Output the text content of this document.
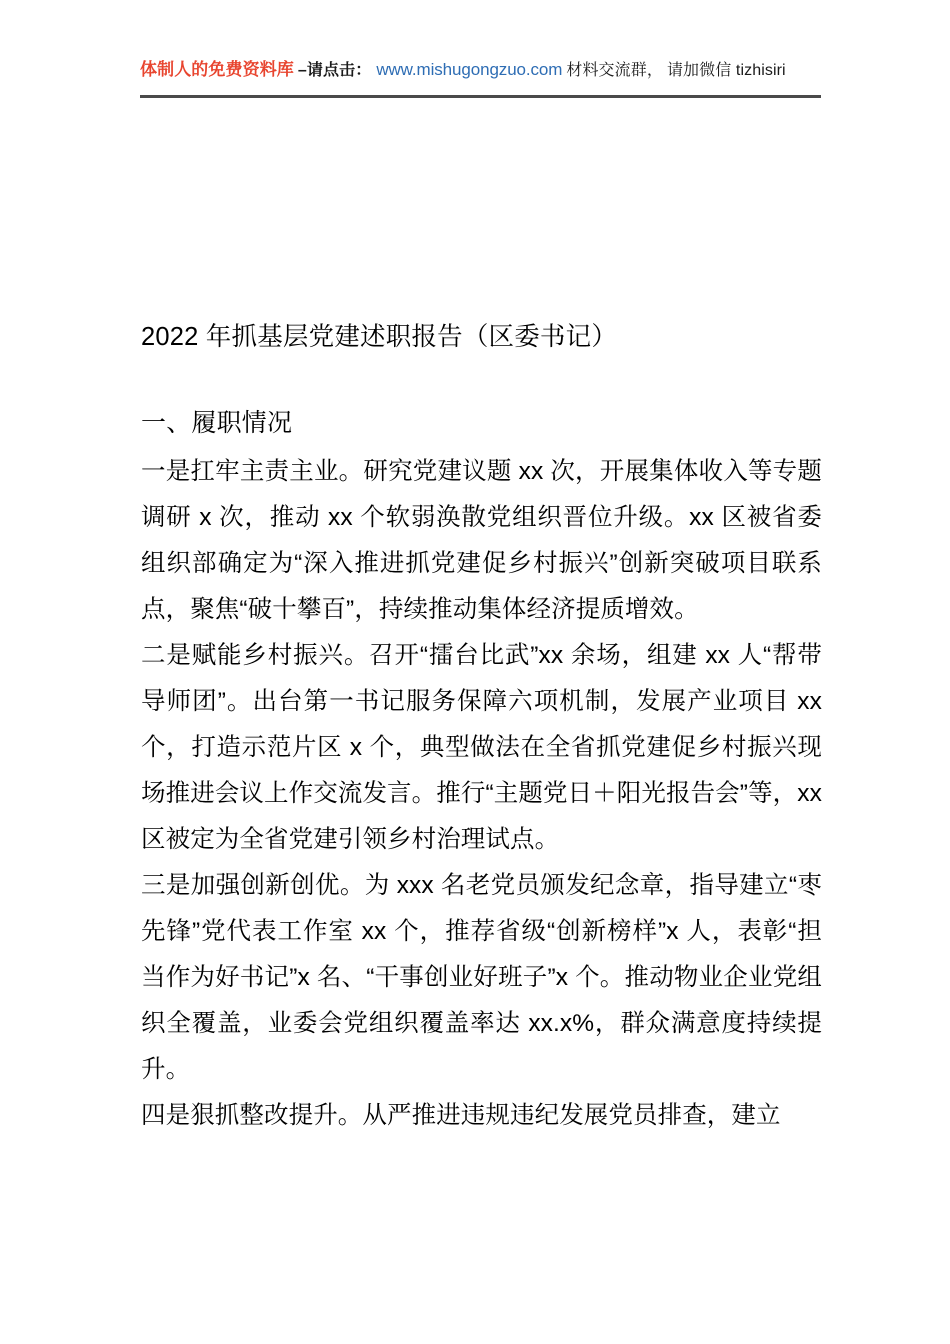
体制人的免费资料库 –请点击： www.mishugongzuo.com 材料交流群， 请加微信 tizhisiri
2022 年抓基层党建述职报告（区委书记）
一、履职情况

一是扛牢主责主业。研究党建议题 xx 次，开展集体收入等专题调研 x 次，推动 xx 个软弱涣散党组织晋位升级。xx 区被省委组织部确定为“深入推进抓党建促乡村振兴”创新突破项目联系点，聚焦“破十攀百”，持续推动集体经济提质增效。

二是赋能乡村振兴。召开“擂台比武”xx 余场，组建 xx 人“帮带导师团”。出台第一书记服务保障六项机制，发展产业项目 xx 个，打造示范片区 x 个，典型做法在全省抓党建促乡村振兴现场推进会议上作交流发言。推行“主题党日＋阳光报告会”等，xx 区被定为全省党建引领乡村治理试点。

三是加强创新创优。为 xxx 名老党员颁发纪念章，指导建立“枣先锋”党代表工作室 xx 个，推荐省级“创新榜样”x 人，表彰“担当作为好书记”x 名、“干事创业好班子”x 个。推动物业企业党组织全覆盖，业委会党组织覆盖率达 xx.x%，群众满意度持续提升。

四是狠抓整改提升。从严推进违规违纪发展党员排查，建立
